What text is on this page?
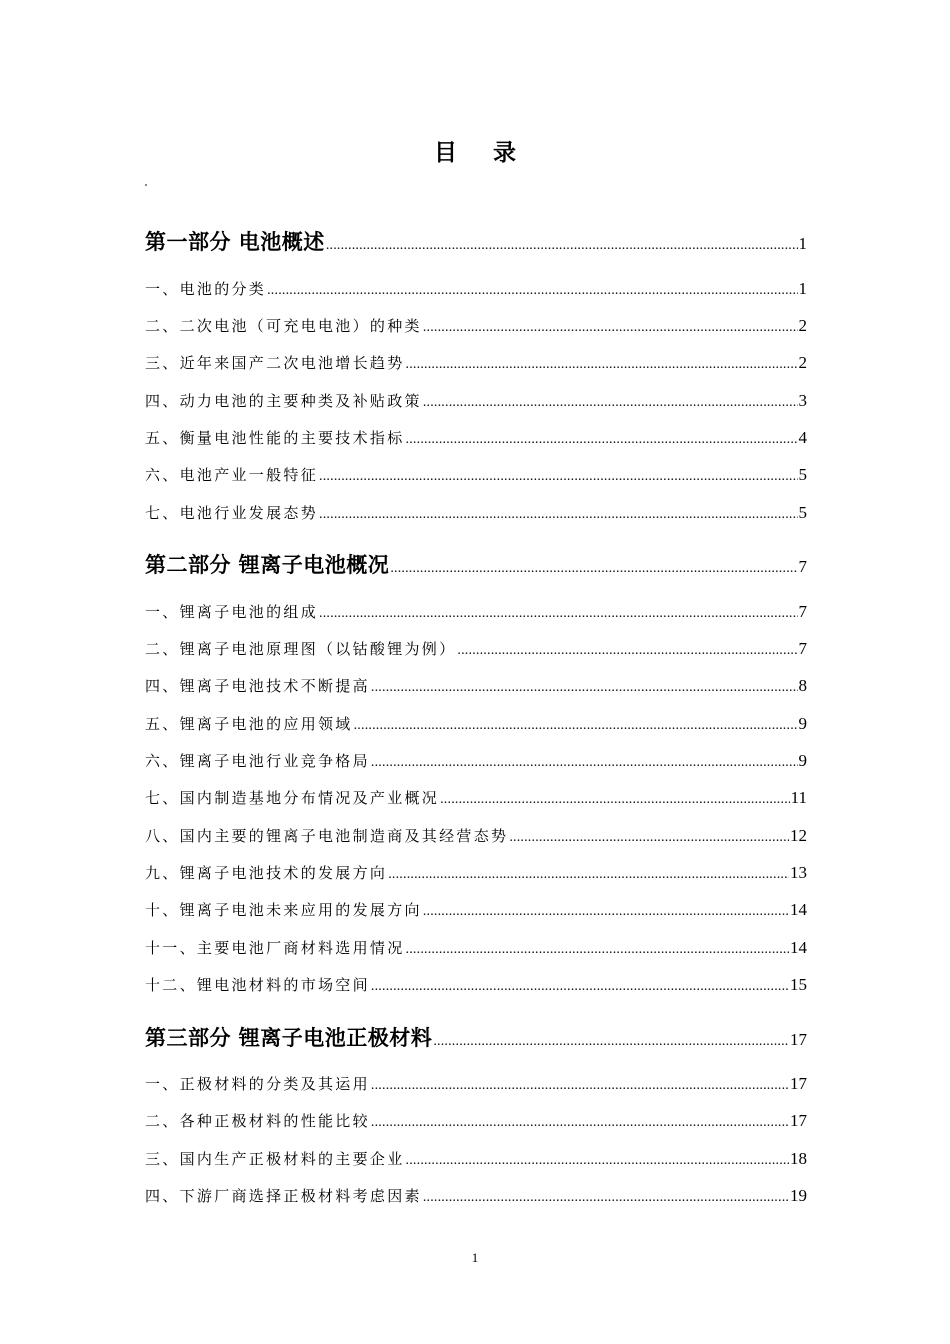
目 录
第一部分 电池概述 .....	1
一、电池的分类 .....	1
二、二次电池（可充电电池）的种类 .....	2
三、近年来国产二次电池增长趋势 .....	2
四、动力电池的主要种类及补贴政策 .....	3
五、衡量电池性能的主要技术指标 .....	4
六、电池产业一般特征 .....	5
七、电池行业发展态势 .....	5
第二部分 锂离子电池概况 .....	7
一、锂离子电池的组成 .....	7
二、锂离子电池原理图（以钴酸锂为例） .....	7
四、锂离子电池技术不断提高 .....	8
五、锂离子电池的应用领域 .....	9
六、锂离子电池行业竞争格局 .....	9
七、国内制造基地分布情况及产业概况 .....	11
八、国内主要的锂离子电池制造商及其经营态势 .....	12
九、锂离子电池技术的发展方向 .....	13
十、锂离子电池未来应用的发展方向 .....	14
十一、主要电池厂商材料选用情况 .....	14
十二、锂电池材料的市场空间 .....	15
第三部分 锂离子电池正极材料 .....	17
一、正极材料的分类及其运用 .....	17
二、各种正极材料的性能比较 .....	17
三、国内生产正极材料的主要企业 .....	18
四、下游厂商选择正极材料考虑因素 .....	19
1
